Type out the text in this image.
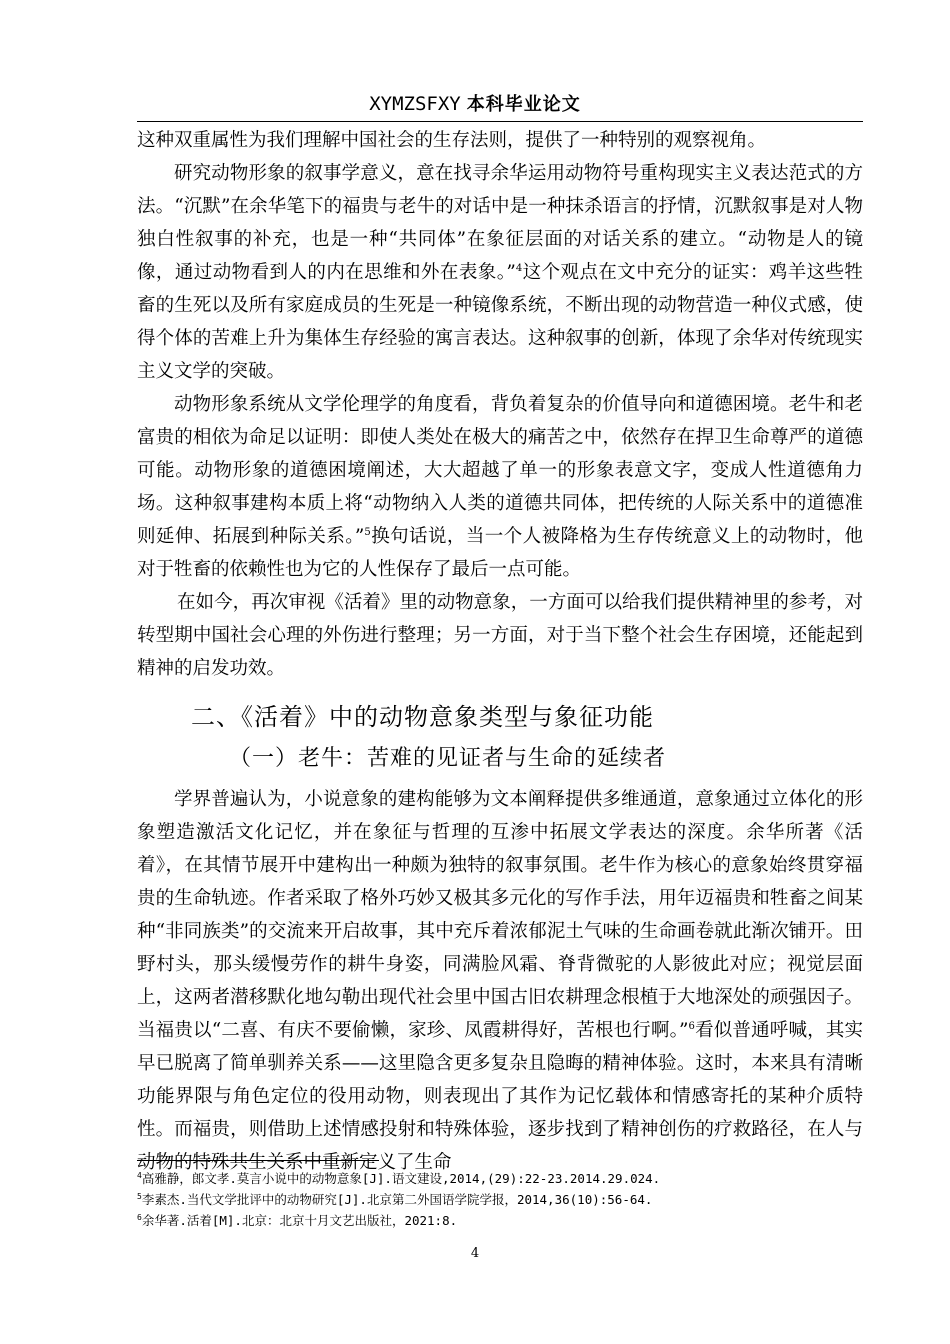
XYMZSFXY 本科毕业论文

这种双重属性为我们理解中国社会的生存法则，提供了一种特别的观察视角。

研究动物形象的叙事学意义，意在找寻余华运用动物符号重构现实主义表达范式的方法。“沉默”在余华笔下的福贵与老牛的对话中是一种抹杀语言的抒情，沉默叙事是对人物独白性叙事的补充，也是一种“共同体”在象征层面的对话关系的建立。“动物是人的镜像，通过动物看到人的内在思维和外在表象。”$^4$这个观点在文中充分的证实：鸡羊这些牲畜的生死以及所有家庭成员的生死是一种镜像系统，不断出现的动物营造一种仪式感，使得个体的苦难上升为集体生存经验的寓言表达。这种叙事的创新，体现了余华对传统现实主义文学的突破。

动物形象系统从文学伦理学的角度看，背负着复杂的价值导向和道德困境。老牛和老富贵的相依为命足以证明：即使人类处在极大的痛苦之中，依然存在捍卫生命尊严的道德可能。动物形象的道德困境阐述，大大超越了单一的形象表意文字，变成人性道德角力场。这种叙事建构本质上将“动物纳入人类的道德共同体，把传统的人际关系中的道德准则延伸、拓展到种际关系。”$^5$换句话说，当一个人被降格为生存传统意义上的动物时，他对于牲畜的依赖性也为它的人性保存了最后一点可能。

在如今，再次审视《活着》里的动物意象，一方面可以给我们提供精神里的参考，对转型期中国社会心理的外伤进行整理；另一方面，对于当下整个社会生存困境，还能起到精神的启发功效。

二、《活着》中的动物意象类型与象征功能
（一）老牛：苦难的见证者与生命的延续者

学界普遍认为，小说意象的建构能够为文本阐释提供多维通道，意象通过立体化的形象塑造激活文化记忆，并在象征与哲理的互渗中拓展文学表达的深度。余华所著《活着》，在其情节展开中建构出一种颇为独特的叙事氛围。老牛作为核心的意象始终贯穿福贵的生命轨迹。作者采取了格外巧妙又极其多元化的写作手法，用年迈福贵和牲畜之间某种“非同族类”的交流来开启故事，其中充斥着浓郁泥土气味的生命画卷就此渐次铺开。田野村头，那头缓慢劳作的耕牛身姿，同满脸风霜、脊背微驼的人影彼此对应；视觉层面上，这两者潜移默化地勾勒出现代社会里中国古旧农耕理念根植于大地深处的顽强因子。当福贵以“二喜、有庆不要偷懒，家珍、凤霞耕得好，苦根也行啊。”$^6$看似普通呼喊，其实早已脱离了简单驯养关系——这里隐含更多复杂且隐晦的精神体验。这时，本来具有清晰功能界限与角色定位的役用动物，则表现出了其作为记忆载体和情感寄托的某种介质特性。而福贵，则借助上述情感投射和特殊体验，逐步找到了精神创伤的疗救路径，在人与动物的特殊共生关系中重新定义了生命

$^4$高雅静，郎文孝.莫言小说中的动物意象[J].语文建设,2014,(29):22-23.2014.29.024.
$^5$李素杰.当代文学批评中的动物研究[J].北京第二外国语学院学报，2014,36(10):56-64.
$^6$余华著.活着[M].北京：北京十月文艺出版社，2021:8.
4
